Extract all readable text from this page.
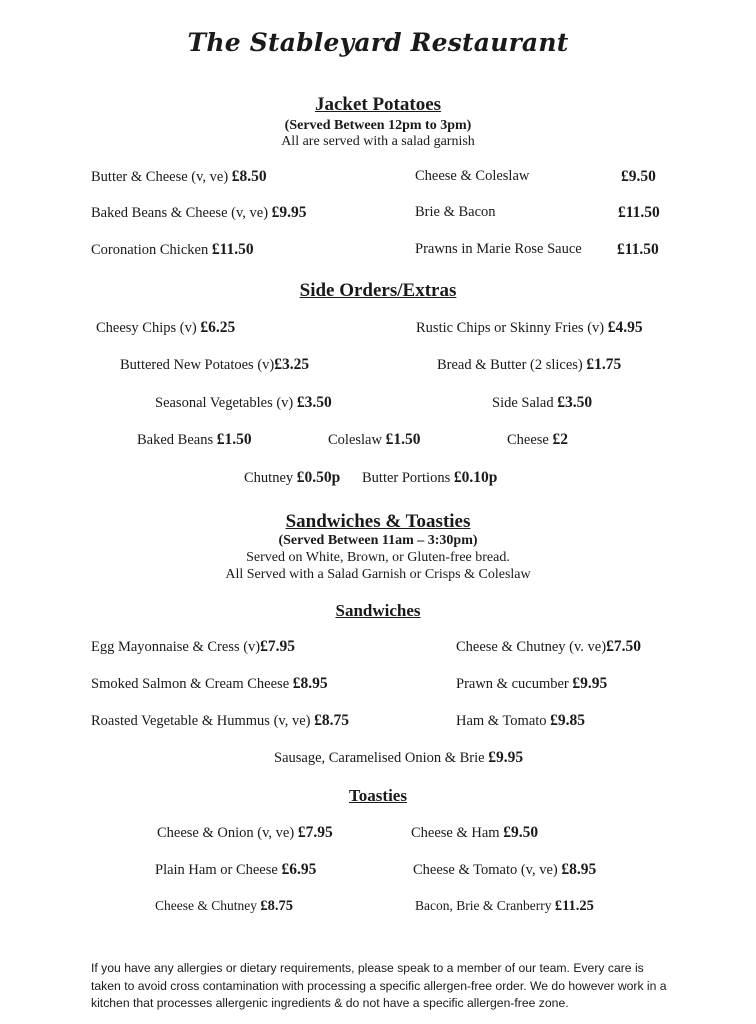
The Stableyard Restaurant
Jacket Potatoes
(Served Between 12pm to 3pm)
All are served with a salad garnish
Butter & Cheese (v, ve) £8.50	Cheese & Coleslaw	£9.50
Baked Beans & Cheese (v, ve) £9.95	Brie & Bacon	£11.50
Coronation Chicken £11.50	Prawns in Marie Rose Sauce £11.50
Side Orders/Extras
Cheesy Chips (v) £6.25	Rustic Chips or Skinny Fries (v) £4.95
Buttered New Potatoes (v)£3.25	Bread & Butter (2 slices) £1.75
Seasonal Vegetables (v) £3.50	Side Salad £3.50
Baked Beans £1.50	Coleslaw £1.50	Cheese £2
Chutney £0.50p Butter Portions £0.10p
Sandwiches & Toasties
(Served Between 11am – 3:30pm)
Served on White, Brown, or Gluten-free bread.
All Served with a Salad Garnish or Crisps & Coleslaw
Sandwiches
Egg Mayonnaise & Cress (v)£7.95	Cheese & Chutney (v. ve)£7.50
Smoked Salmon & Cream Cheese £8.95	Prawn & cucumber £9.95
Roasted Vegetable & Hummus (v, ve) £8.75	Ham & Tomato £9.85
Sausage, Caramelised Onion & Brie £9.95
Toasties
Cheese & Onion (v, ve) £7.95	Cheese & Ham £9.50
Plain Ham or Cheese £6.95	Cheese & Tomato (v, ve) £8.95
Cheese & Chutney £8.75	Bacon, Brie & Cranberry £11.25
If you have any allergies or dietary requirements, please speak to a member of our team. Every care is taken to avoid cross contamination with processing a specific allergen-free order. We do however work in a kitchen that processes allergenic ingredients & do not have a specific allergen-free zone.
